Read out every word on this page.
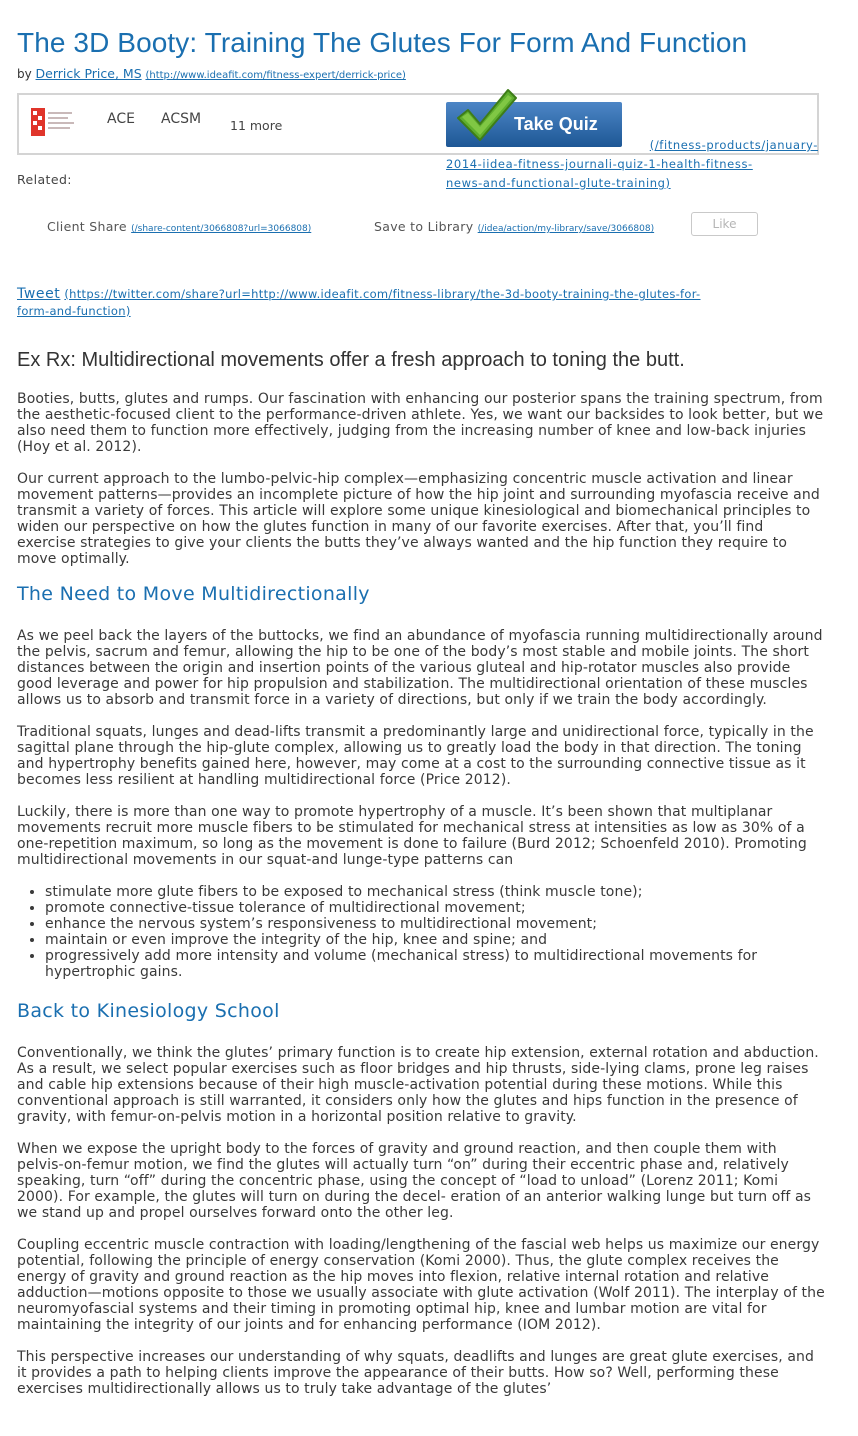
The 3D Booty: Training The Glutes For Form And Function
by Derrick Price, MS (http://www.ideafit.com/fitness-expert/derrick-price)
ACE ACSM 11 more	Take Quiz
(/fitness-products/january-
2014-iidea-fitness-journali-quiz-1-health-fitness-
news-and-functional-glute-training)
Related:
Client Share (/share-content/3066808?url=3066808)	Save to Library (/idea/action/my-library/save/3066808)	Like
Tweet (https://twitter.com/share?url=http://www.ideafit.com/fitness-library/the-3d-booty-training-the-glutes-for-
form-and-function)
Ex Rx: Multidirectional movements offer a fresh approach to toning the butt.

Booties, butts, glutes and rumps. Our fascination with enhancing our posterior spans the training spectrum, from the aesthetic-focused client to the performance-driven athlete. Yes, we want our backsides to look better, but we also need them to function more effectively, judging from the increasing number of knee and low-back injuries (Hoy et al. 2012).

Our current approach to the lumbo-pelvic-hip complex—emphasizing concentric muscle activation and linear movement patterns—provides an incomplete picture of how the hip joint and surrounding myofascia receive and transmit a variety of forces. This article will explore some unique kinesiological and biomechanical principles to widen our perspective on how the glutes function in many of our favorite exercises. After that, you’ll find exercise strategies to give your clients the butts they’ve always wanted and the hip function they require to move optimally.

The Need to Move Multidirectionally

As we peel back the layers of the buttocks, we find an abundance of myofascia running multidirectionally around the pelvis, sacrum and femur, allowing the hip to be one of the body’s most stable and mobile joints. The short distances between the origin and insertion points of the various gluteal and hip-rotator muscles also provide good leverage and power for hip propulsion and stabilization. The multidirectional orientation of these muscles allows us to absorb and transmit force in a variety of directions, but only if we train the body accordingly.

Traditional squats, lunges and dead-lifts transmit a predominantly large and unidirectional force, typically in the sagittal plane through the hip-glute complex, allowing us to greatly load the body in that direction. The toning and hypertrophy benefits gained here, however, may come at a cost to the surrounding connective tissue as it becomes less resilient at handling multidirectional force (Price 2012).

Luckily, there is more than one way to promote hypertrophy of a muscle. It’s been shown that multiplanar movements recruit more muscle fibers to be stimulated for mechanical stress at intensities as low as 30% of a one-repetition maximum, so long as the movement is done to failure (Burd 2012; Schoenfeld 2010). Promoting multidirectional movements in our squat-and lunge-type patterns can

• stimulate more glute fibers to be exposed to mechanical stress (think muscle tone);
• promote connective-tissue tolerance of multidirectional movement;
• enhance the nervous system’s responsiveness to multidirectional movement;
• maintain or even improve the integrity of the hip, knee and spine; and
• progressively add more intensity and volume (mechanical stress) to multidirectional movements for hypertrophic gains.
Back to Kinesiology School

Conventionally, we think the glutes’ primary function is to create hip extension, external rotation and abduction. As a result, we select popular exercises such as floor bridges and hip thrusts, side-lying clams, prone leg raises and cable hip extensions because of their high muscle-activation potential during these motions. While this conventional approach is still warranted, it considers only how the glutes and hips function in the presence of gravity, with femur-on-pelvis motion in a horizontal position relative to gravity.

When we expose the upright body to the forces of gravity and ground reaction, and then couple them with pelvis-on-femur motion, we find the glutes will actually turn “on” during their eccentric phase and, relatively speaking, turn “off” during the concentric phase, using the concept of “load to unload” (Lorenz 2011; Komi 2000). For example, the glutes will turn on during the decel- eration of an anterior walking lunge but turn off as we stand up and propel ourselves forward onto the other leg.

Coupling eccentric muscle contraction with loading/lengthening of the fascial web helps us maximize our energy potential, following the principle of energy conservation (Komi 2000). Thus, the glute complex receives the energy of gravity and ground reaction as the hip moves into flexion, relative internal rotation and relative adduction—motions opposite to those we usually associate with glute activation (Wolf 2011). The interplay of the neuromyofascial systems and their timing in promoting optimal hip, knee and lumbar motion are vital for maintaining the integrity of our joints and for enhancing performance (IOM 2012).

This perspective increases our understanding of why squats, deadlifts and lunges are great glute exercises, and it provides a path to helping clients improve the appearance of their butts. How so? Well, performing these exercises multidirectionally allows us to truly take advantage of the glutes’
